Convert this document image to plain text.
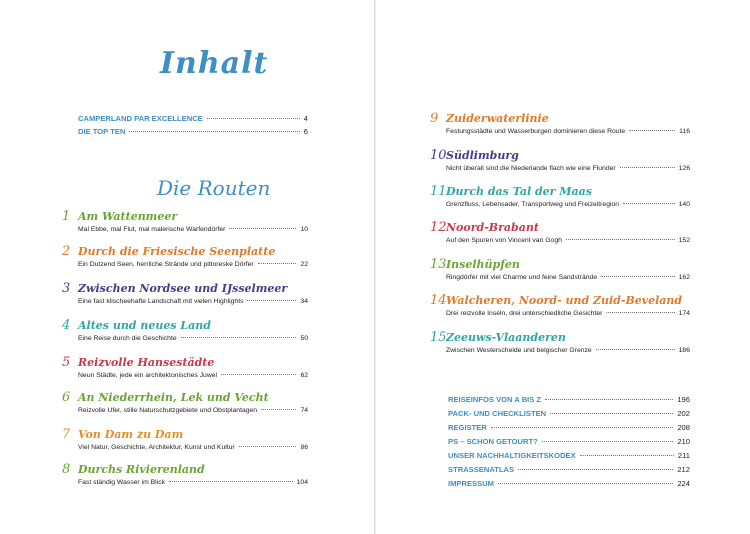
Inhalt
CAMPERLAND PAR EXCELLENCE	4
DIE TOP TEN	6
Die Routen
1 Am Wattenmeer
Mal Ebbe, mal Flut, mal malerische Warfendörfer	10
2 Durch die Friesische Seenplatte
Ein Dutzend Seen, herrliche Strände und pittoreske Dörfer	22
3 Zwischen Nordsee und IJsselmeer
Eine fast klischeehafte Landschaft mit vielen Highlights	34
4 Altes und neues Land
Eine Reise durch die Geschichte	50
5 Reizvolle Hansestädte
Neun Städte, jede ein architektonisches Juwel	62
6 An Niederrhein, Lek und Vecht
Reizvolle Ufer, stille Naturschutzgebiete und Obstplantagen	74
7 Von Dam zu Dam
Viel Natur, Geschichte, Architektur, Kunst und Kultur	86
8 Durchs Rivierenland
Fast ständig Wasser im Blick	104
9 Zuiderwaterlinie
Festungsstädte und Wasserburgen dominieren diese Route	116
10 Südlimburg
Nicht überall sind die Niederlande flach wie eine Flunder	126
11 Durch das Tal der Maas
Grenzfluss, Lebensader, Transportweg und Freizeitregion	140
12 Noord-Brabant
Auf den Spuren von Vincent van Gogh	152
13 Inselhüpfen
Ringdörfer mit viel Charme und feine Sandstrände	162
14 Walcheren, Noord- und Zuid-Beveland
Drei reizvolle Inseln, drei unterschiedliche Gesichter	174
15 Zeeuws-Vlaanderen
Zwischen Westerschelde und belgischer Grenze	186
REISEINFOS VON A BIS Z	196
PACK- UND CHECKLISTEN	202
REGISTER	208
PS – SCHON GETOURT?	210
UNSER NACHHALTIGKEITSKODEX	211
STRASSENATLAS	212
IMPRESSUM	224
